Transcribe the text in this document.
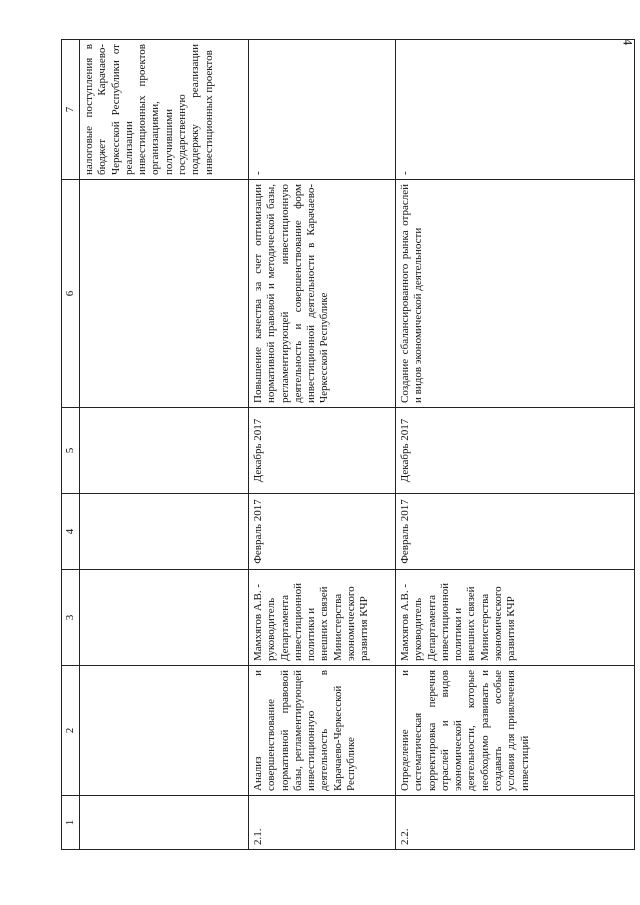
4
1	2	3	4	5	6	7
						налоговые поступления в бюджет Карачаево-Черкесской Республики от реализации инвестиционных проектов организациями, получившими государственную поддержку реализации инвестиционных проектов
2.1.	Анализ и совершенствование нормативной правовой базы, регламентирующей инвестиционную деятельность в Карачаево-Черкесской Республике	Мамхягов А.В. - руководитель Департамента инвестиционной политики и внешних связей Министерства экономического развития КЧР	Февраль 2017	Декабрь 2017	Повышение качества за счет оптимизации нормативной правовой и методической базы, регламентирующей инвестиционную деятельность и совершенствование форм инвестиционной деятельности в Карачаево-Черкесской Республике	-
2.2.	Определение и систематическая корректировка перечня отраслей и видов экономической деятельности, которые необходимо развивать и создавать особые условия для привлечения инвестиций	Мамхягов А.В. - руководитель Департамента инвестиционной политики и внешних связей Министерства экономического развития КЧР	Февраль 2017	Декабрь 2017	Создание сбалансированного рынка отраслей и видов экономической деятельности	-
